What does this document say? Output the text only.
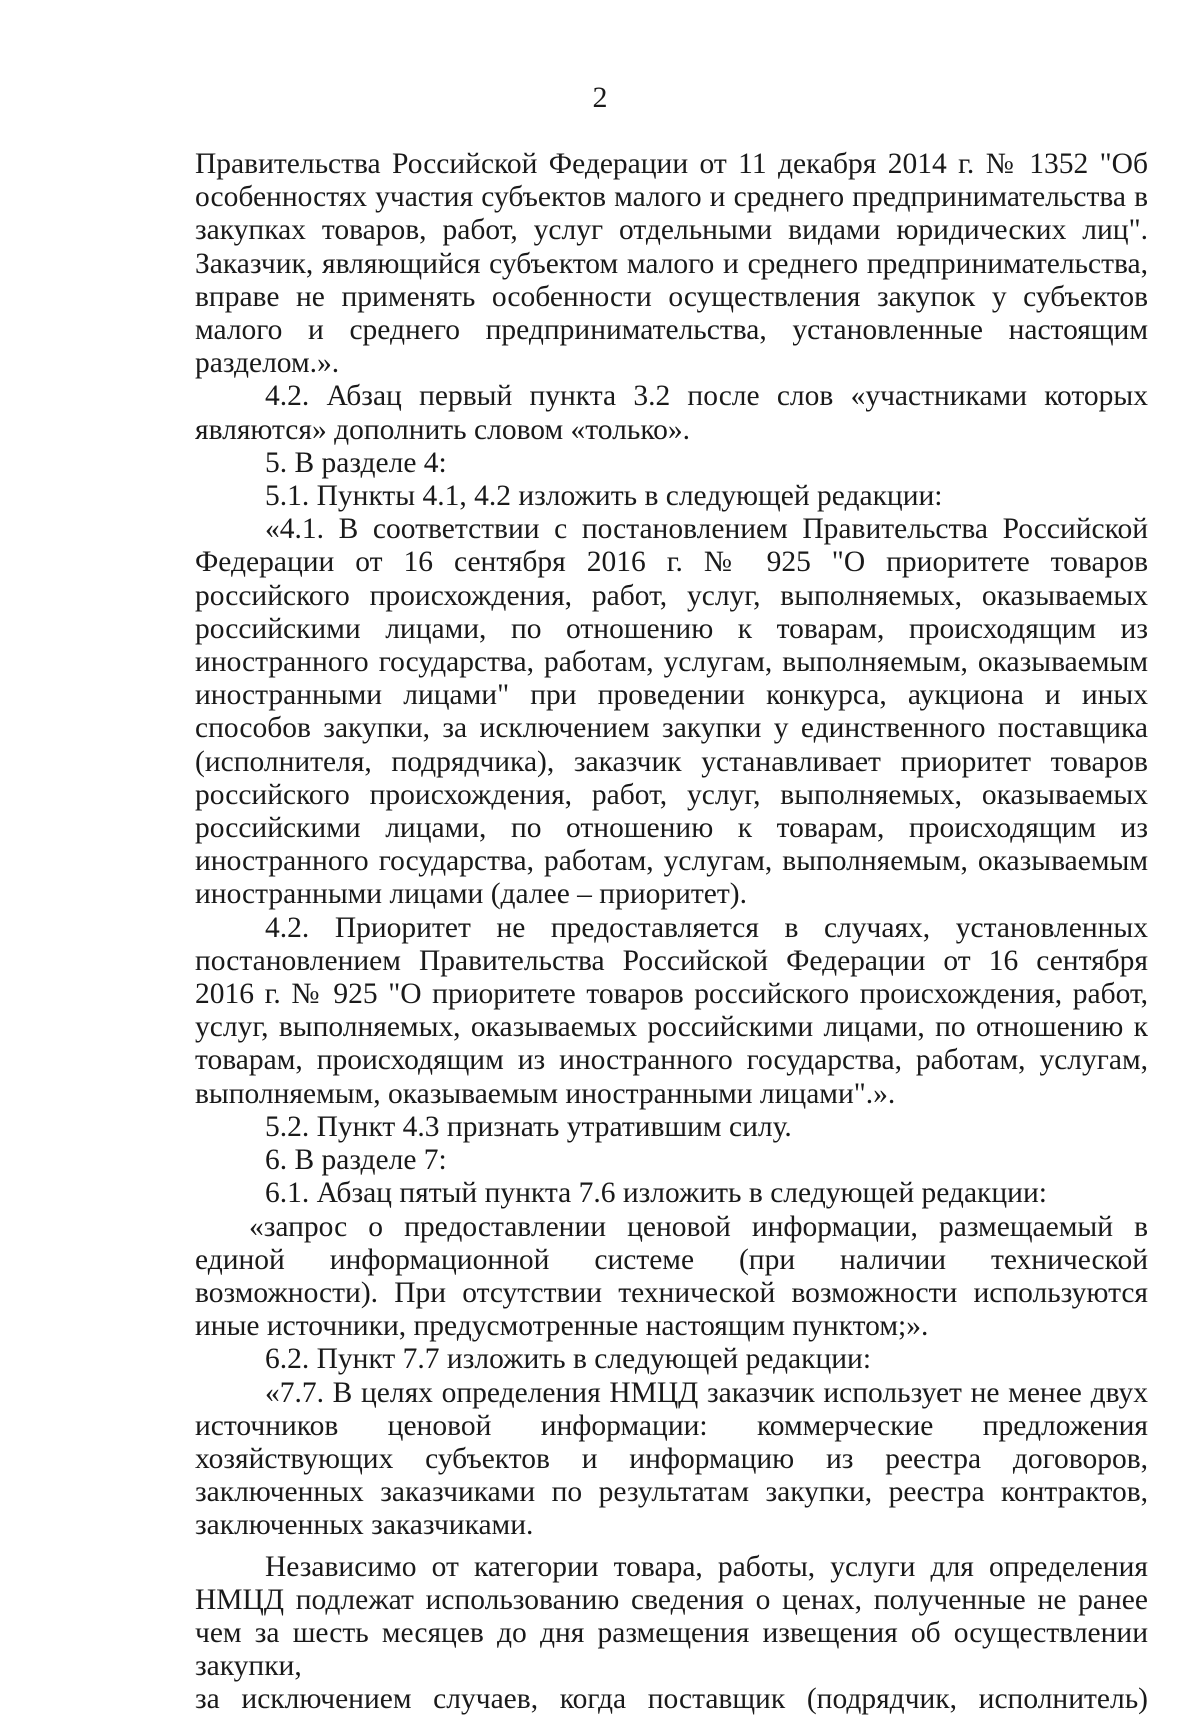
2

Правительства Российской Федерации от 11 декабря 2014 г. № 1352 "Об особенностях участия субъектов малого и среднего предпринимательства в закупках товаров, работ, услуг отдельными видами юридических лиц". Заказчик, являющийся субъектом малого и среднего предпринимательства, вправе не применять особенности осуществления закупок у субъектов малого и среднего предпринимательства, установленные настоящим разделом.».

4.2. Абзац первый пункта 3.2 после слов «участниками которых являются» дополнить словом «только».

5. В разделе 4:

5.1. Пункты 4.1, 4.2 изложить в следующей редакции:

«4.1. В соответствии с постановлением Правительства Российской Федерации от 16 сентября 2016 г. № 925 "О приоритете товаров российского происхождения, работ, услуг, выполняемых, оказываемых российскими лицами, по отношению к товарам, происходящим из иностранного государства, работам, услугам, выполняемым, оказываемым иностранными лицами" при проведении конкурса, аукциона и иных способов закупки, за исключением закупки у единственного поставщика (исполнителя, подрядчика), заказчик устанавливает приоритет товаров российского происхождения, работ, услуг, выполняемых, оказываемых российскими лицами, по отношению к товарам, происходящим из иностранного государства, работам, услугам, выполняемым, оказываемым иностранными лицами (далее – приоритет).

4.2. Приоритет не предоставляется в случаях, установленных постановлением Правительства Российской Федерации от 16 сентября 2016 г. № 925 "О приоритете товаров российского происхождения, работ, услуг, выполняемых, оказываемых российскими лицами, по отношению к товарам, происходящим из иностранного государства, работам, услугам, выполняемым, оказываемым иностранными лицами".».

5.2. Пункт 4.3 признать утратившим силу.

6. В разделе 7:

6.1. Абзац пятый пункта 7.6 изложить в следующей редакции:

«запрос о предоставлении ценовой информации, размещаемый в единой информационной системе (при наличии технической возможности). При отсутствии технической возможности используются иные источники, предусмотренные настоящим пунктом;».

6.2. Пункт 7.7 изложить в следующей редакции:

«7.7. В целях определения НМЦД заказчик использует не менее двух источников ценовой информации: коммерческие предложения хозяйствующих субъектов и информацию из реестра договоров, заключенных заказчиками по результатам закупки, реестра контрактов, заключенных заказчиками.

Независимо от категории товара, работы, услуги для определения НМЦД подлежат использованию сведения о ценах, полученные не ранее чем за шесть месяцев до дня размещения извещения об осуществлении закупки,

за исключением случаев, когда поставщик (подрядчик, исполнитель)
